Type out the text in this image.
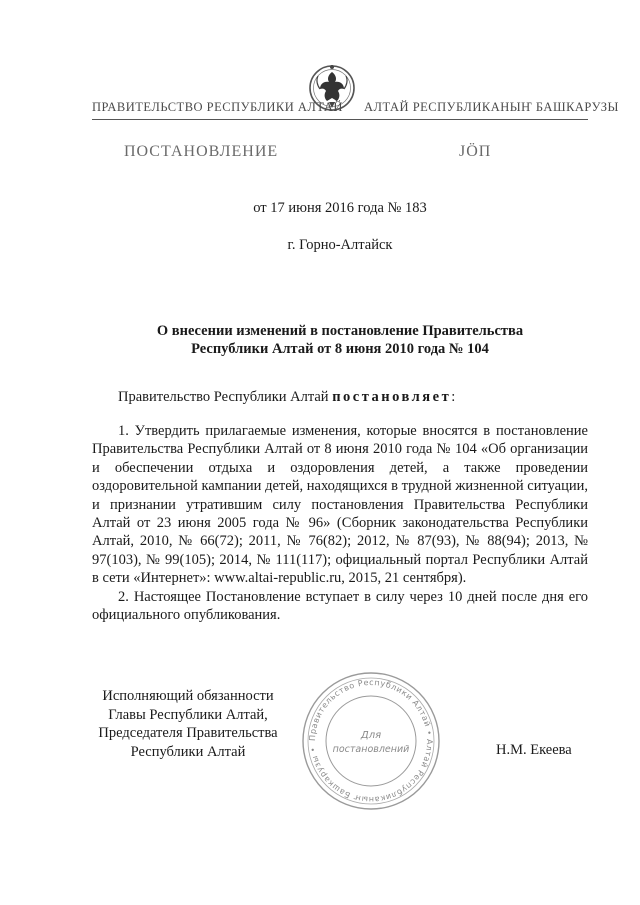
ПРАВИТЕЛЬСТВО РЕСПУБЛИКИ АЛТАЙ АЛТАЙ РЕСПУБЛИКАНЫҤ БАШКАРУЗЫ
ПОСТАНОВЛЕНИЕ	ЈӦП
от 17 июня 2016 года № 183
г. Горно-Алтайск
О внесении изменений в постановление Правительства
Республики Алтай от 8 июня 2010 года № 104
Правительство Республики Алтай постановляет:

1. Утвердить прилагаемые изменения, которые вносятся в постановление Правительства Республики Алтай от 8 июня 2010 года № 104 «Об организации и обеспечении отдыха и оздоровления детей, а также проведении оздоровительной кампании детей, находящихся в трудной жизненной ситуации, и признании утратившим силу постановления Правительства Республики Алтай от 23 июня 2005 года № 96» (Сборник законодательства Республики Алтай, 2010, № 66(72); 2011, № 76(82); 2012, № 87(93), № 88(94); 2013, № 97(103), № 99(105); 2014, № 111(117); официальный портал Республики Алтай в сети «Интернет»: www.altai-republic.ru, 2015, 21 сентября).

2. Настоящее Постановление вступает в силу через 10 дней после дня его официального опубликования.

Исполняющий обязанности
Главы Республики Алтай,
Председателя Правительства
Республики Алтай
Правительство Республики Алтай • Алтай Республиканыҥ Башкарузы •
Для
постановлений	Н.М. Екеева
